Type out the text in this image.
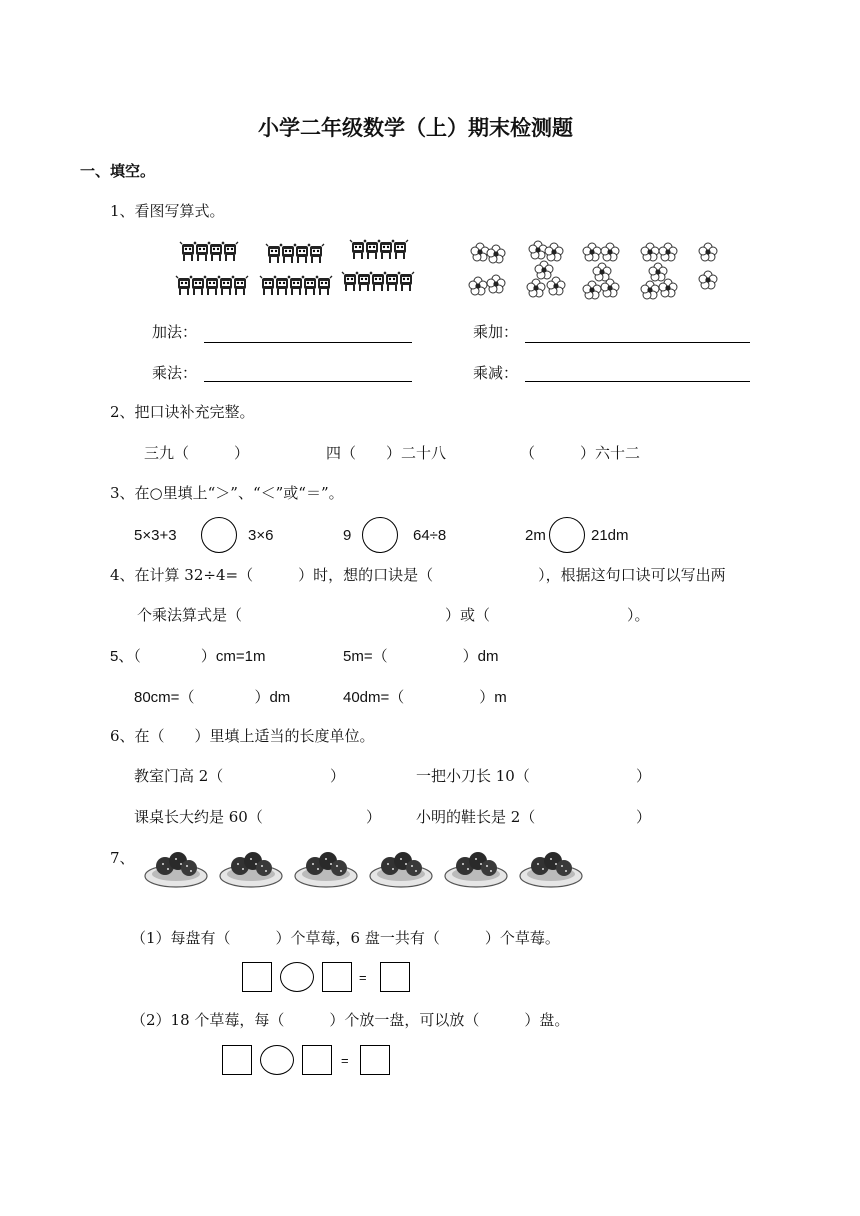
小学二年级数学（上）期末检测题
一、填空。
1、看图写算式。
加法：	乘加：
乘法：	乘减：
2、把口诀补充完整。
三九（　　　）	四（　　）二十八	（　　　）六十二
3、在○里填上“＞”、“＜”或“＝”。
5×3+3	3×6	9	64÷8	2m	21dm
4、在计算 32÷4=（　　　）时，想的口诀是（　　　　　　　），根据这句口诀可以写出两
个乘法算式是（	）或（	）。
5、（　　　　）cm=1m	5m=（　　　　　）dm
80cm=（　　　　）dm	40dm=（　　　　　）m
6、在（　　）里填上适当的长度单位。
教室门高 2（	）	一把小刀长 10（	）
课桌长大约是 60（	） 小明的鞋长是 2（	）
7、
（1）每盘有（　　　）个草莓，6 盘一共有（　　　）个草莓。
=
（2）18 个草莓，每（　　　）个放一盘，可以放（　　　）盘。
=
